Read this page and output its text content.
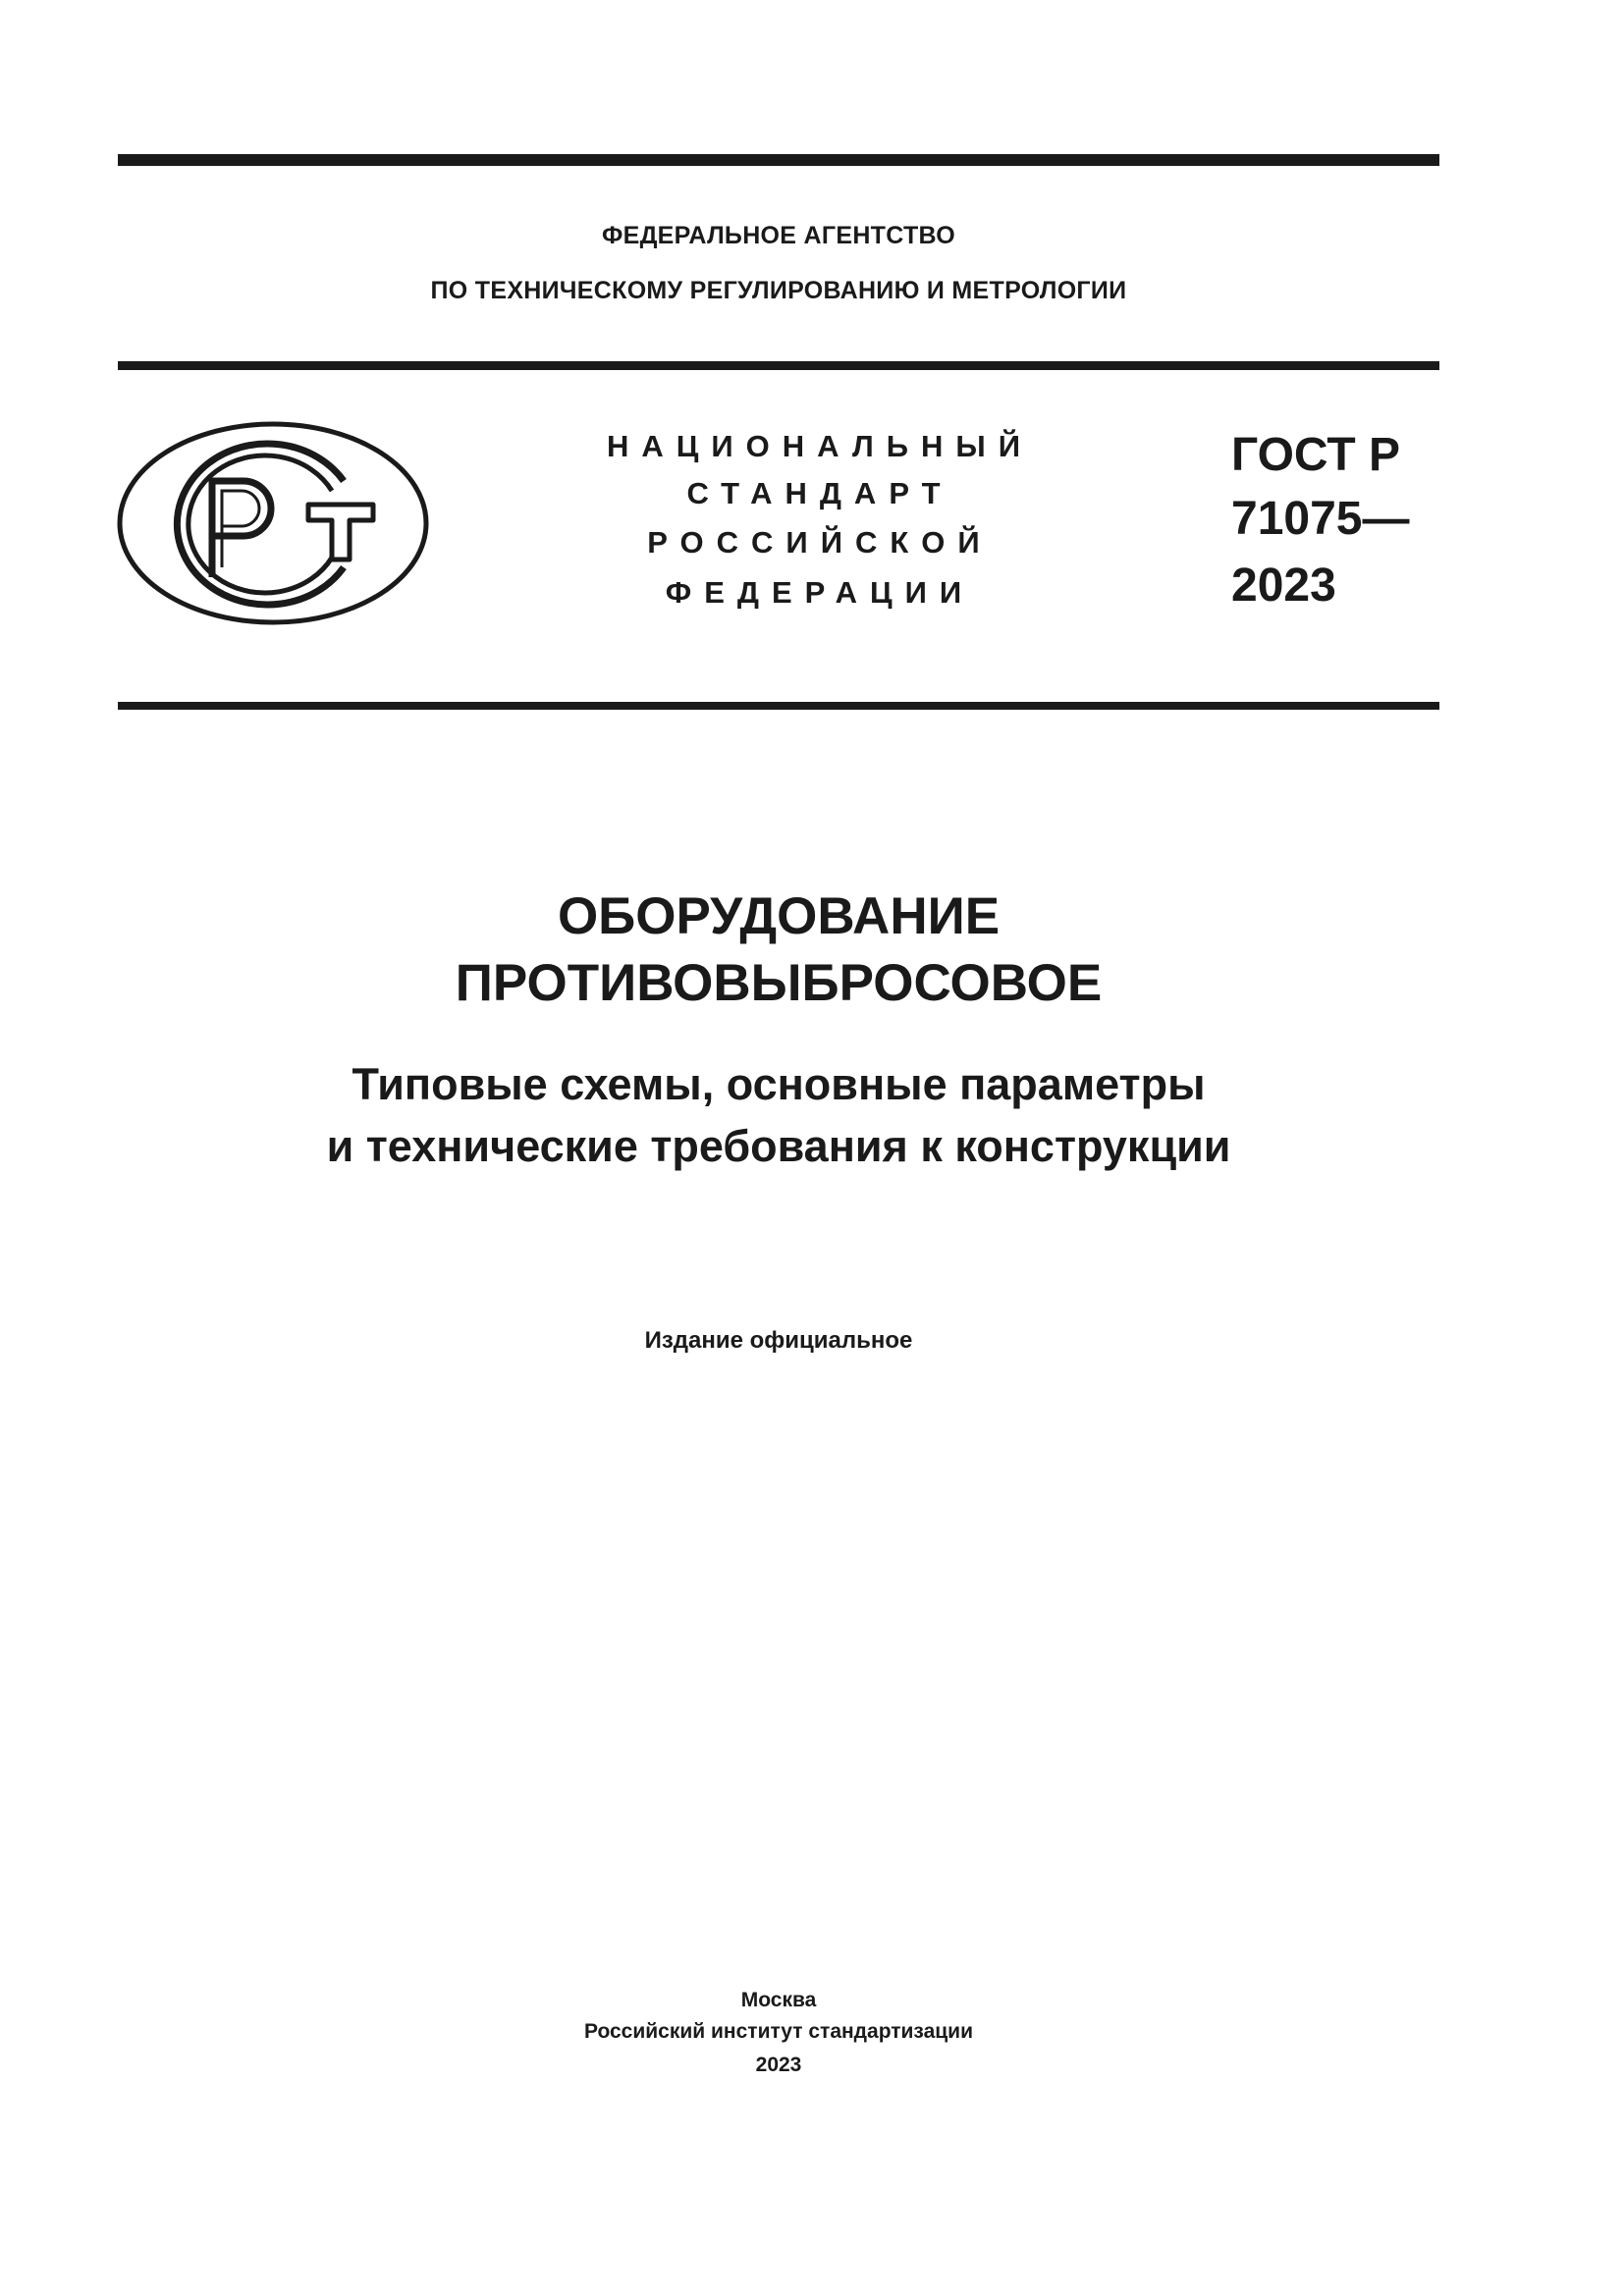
ФЕДЕРАЛЬНОЕ АГЕНТСТВО
ПО ТЕХНИЧЕСКОМУ РЕГУЛИРОВАНИЮ И МЕТРОЛОГИИ
НАЦИОНАЛЬНЫЙ
СТАНДАРТ
РОССИЙСКОЙ
ФЕДЕРАЦИИ
ГОСТ Р
71075—
2023
ОБОРУДОВАНИЕ
ПРОТИВОВЫБРОСОВОЕ
Типовые схемы, основные параметры
и технические требования к конструкции
Издание официальное
Москва
Российский институт стандартизации
2023
